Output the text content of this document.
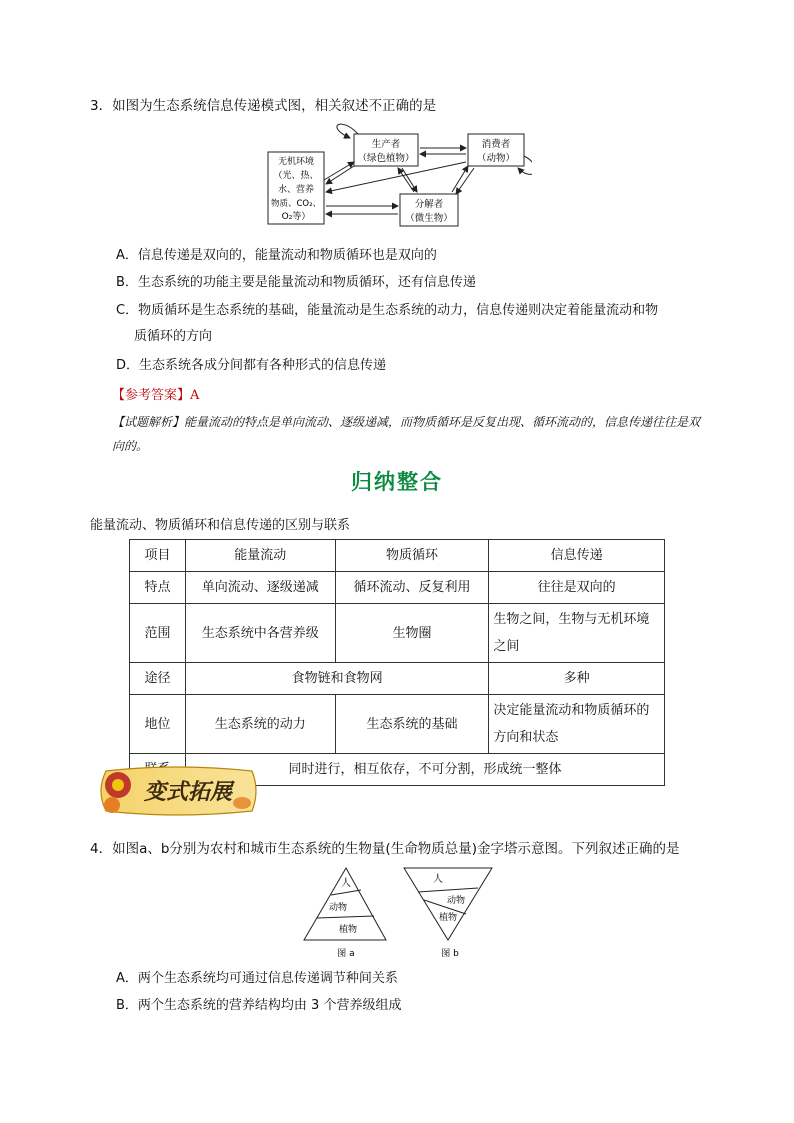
3．如图为生态系统信息传递模式图，相关叙述不正确的是
无机环境
（光、热、
水、营养
物质、CO₂、
O₂等）
生产者
（绿色植物）
消费者
（动物）
分解者
（微生物）
A．信息传递是双向的，能量流动和物质循环也是双向的
B．生态系统的功能主要是能量流动和物质循环，还有信息传递
C．物质循环是生态系统的基础，能量流动是生态系统的动力，信息传递则决定着能量流动和物
质循环的方向
D．生态系统各成分间都有各种形式的信息传递
【参考答案】A
【试题解析】能量流动的特点是单向流动、逐级递减，而物质循环是反复出现、循环流动的，信息传递往往是双向的。
归纳整合
能量流动、物质循环和信息传递的区别与联系
项目	能量流动	物质循环	信息传递
特点	单向流动、逐级递减	循环流动、反复利用	往往是双向的
范围	生态系统中各营养级	生物圈	生物之间，生物与无机环境之间
途径	食物链和食物网		多种
地位	生态系统的动力	生态系统的基础	决定能量流动和物质循环的方向和状态
	同时进行，相互依存，不可分割，形成统一整体		
变式拓展
4．如图a、b分别为农村和城市生态系统的生物量(生命物质总量)金字塔示意图。下列叙述正确的是
人
动物
植物
图 a
人
动物
植物
图 b
A．两个生态系统均可通过信息传递调节种间关系
B．两个生态系统的营养结构均由 3 个营养级组成
